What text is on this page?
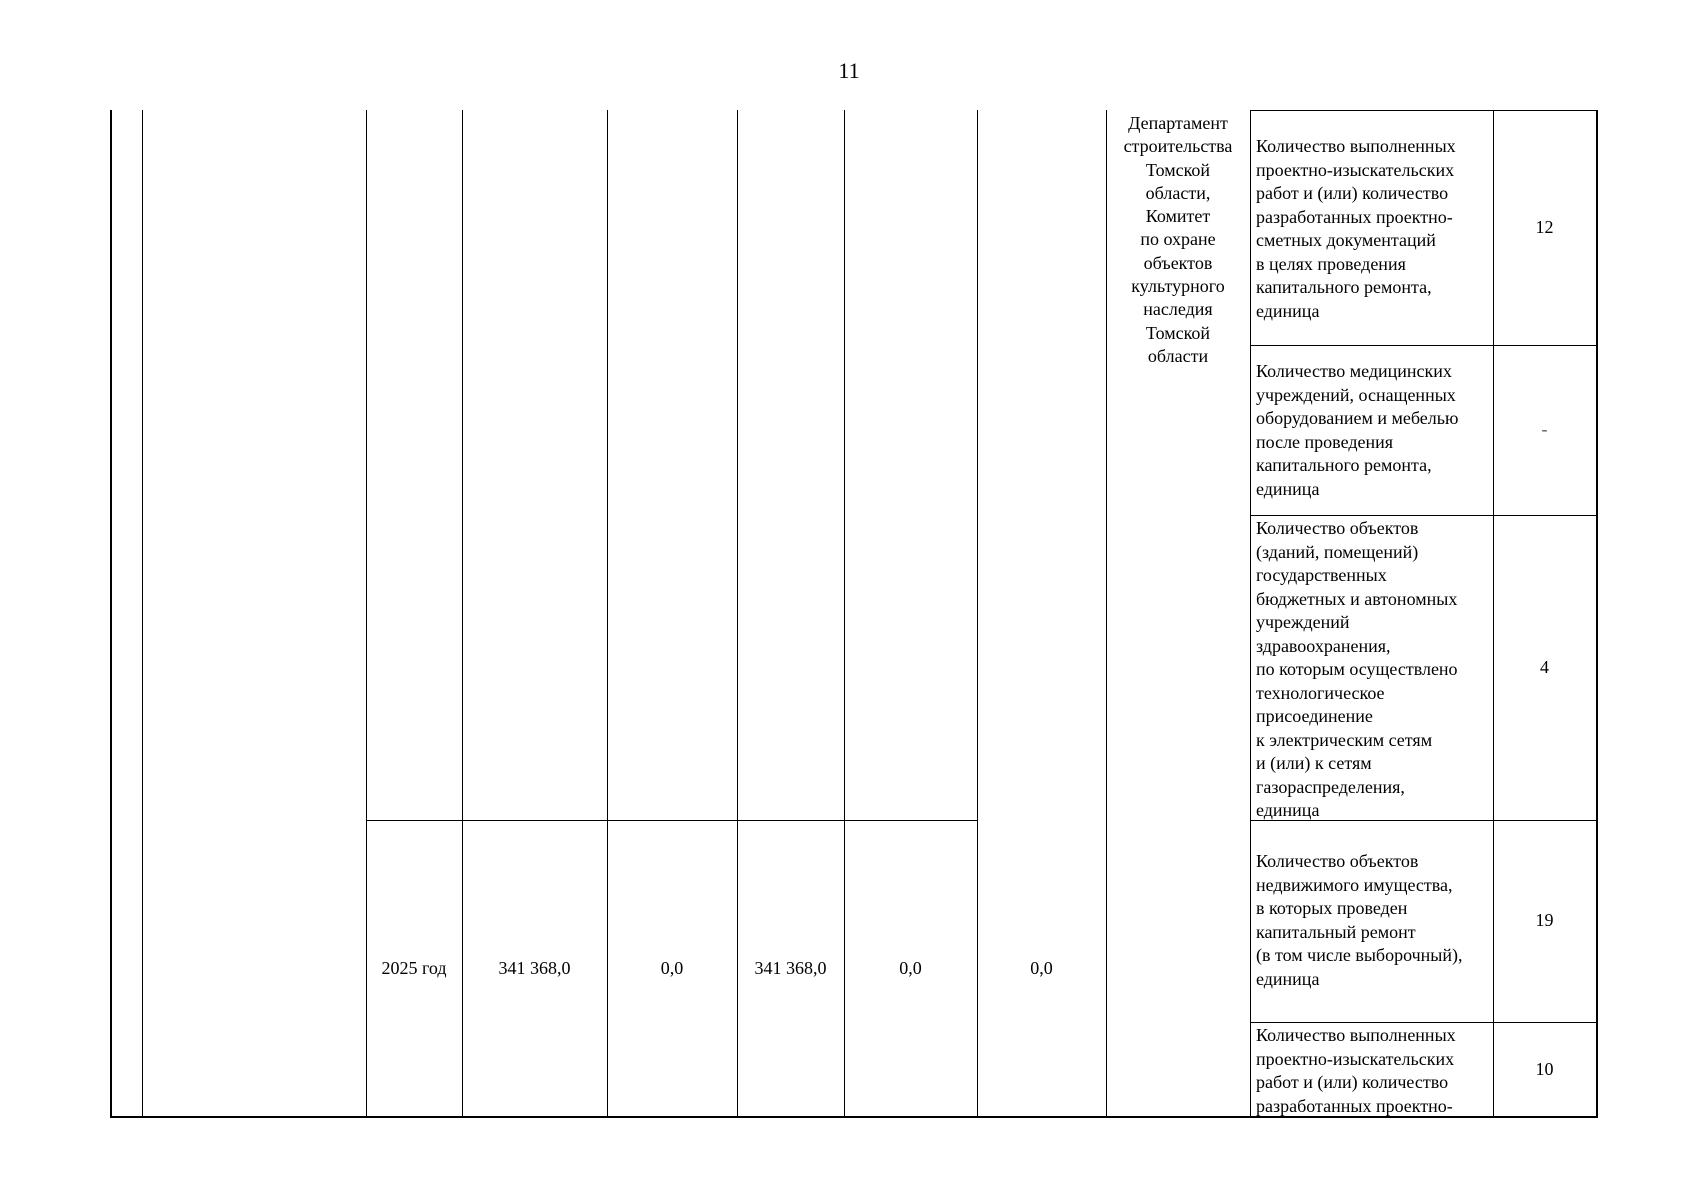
11
Департамент
строительства
Томской
области,
Комитет
по охране
объектов
культурного
наследия
Томской
области
2025 год	341 368,0	0,0	341 368,0	0,0	0,0
Количество выполненных
проектно-изыскательских
работ и (или) количество
разработанных проектно-
сметных документаций
в целях проведения
капитального ремонта,
единица
12
Количество медицинских
учреждений, оснащенных
оборудованием и мебелью
после проведения
капитального ремонта,
единица
-
Количество объектов
(зданий, помещений)
государственных
бюджетных и автономных
учреждений
здравоохранения,
по которым осуществлено
технологическое
присоединение
к электрическим сетям
и (или) к сетям
газораспределения,
единица
4
Количество объектов
недвижимого имущества,
в которых проведен
капитальный ремонт
(в том числе выборочный),
единица
19
Количество выполненных
проектно-изыскательских
работ и (или) количество
разработанных проектно-
10
